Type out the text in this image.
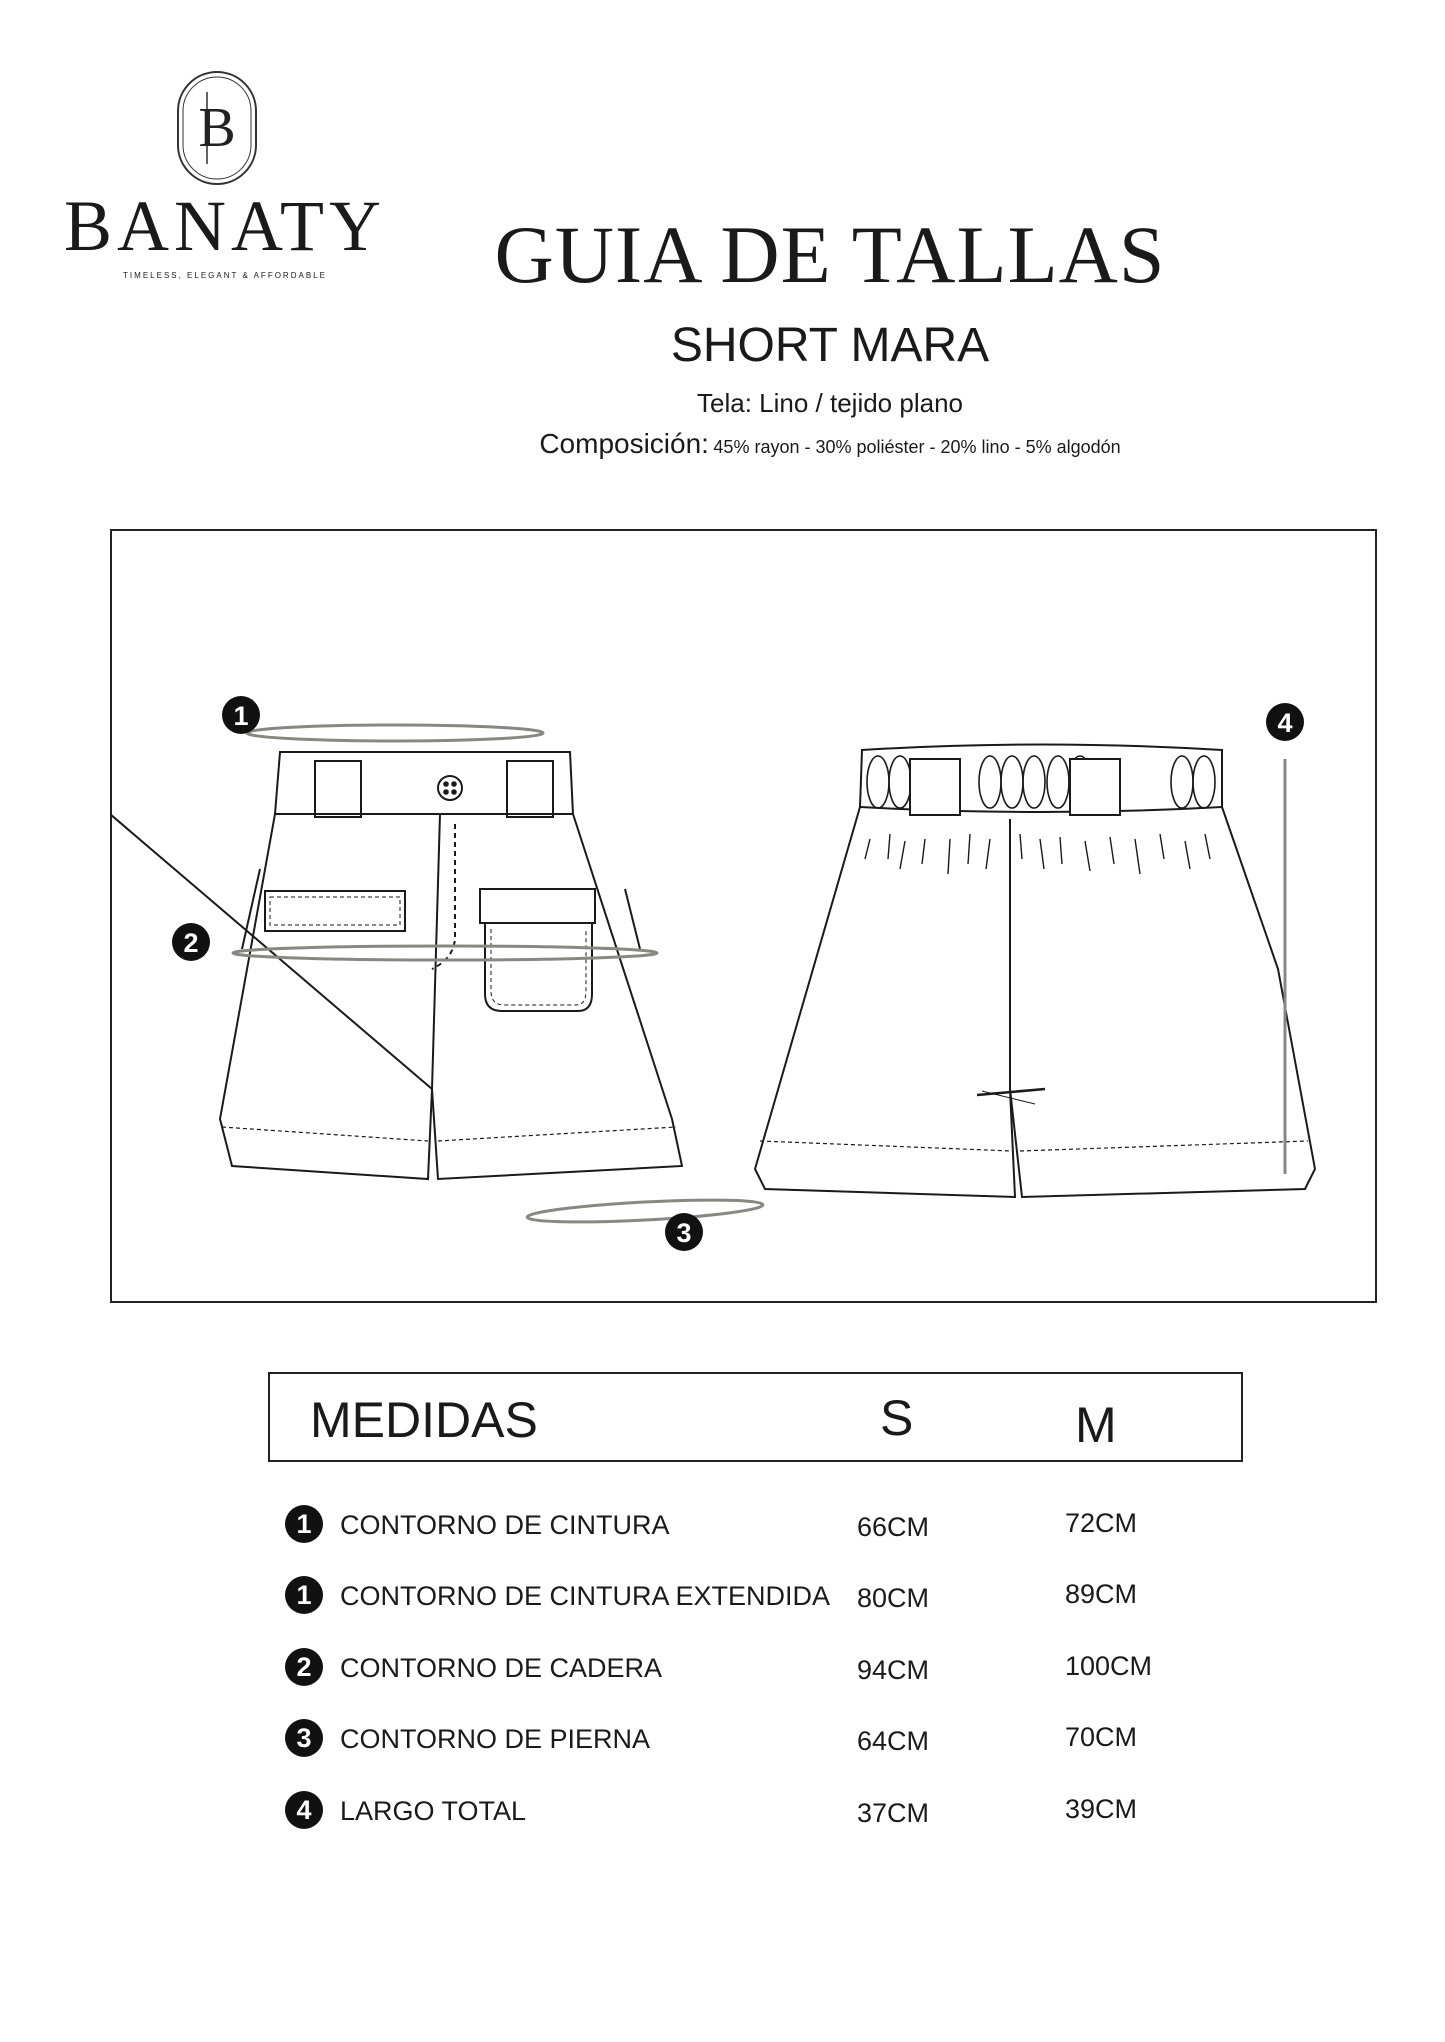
B
BANATY
TIMELESS, ELEGANT & AFFORDABLE	GUIA DE TALLAS
SHORT MARA
Tela: Lino / tejido plano
Composición: 45% rayon - 30% poliéster - 20% lino - 5% algodón
1
2
3
4
MEDIDAS	S	M
1	CONTORNO DE CINTURA	66CM	72CM
1	CONTORNO DE CINTURA EXTENDIDA 80CM	89CM
2	CONTORNO DE CADERA	94CM	100CM
3	CONTORNO DE PIERNA	64CM	70CM
4	LARGO TOTAL	37CM	39CM
